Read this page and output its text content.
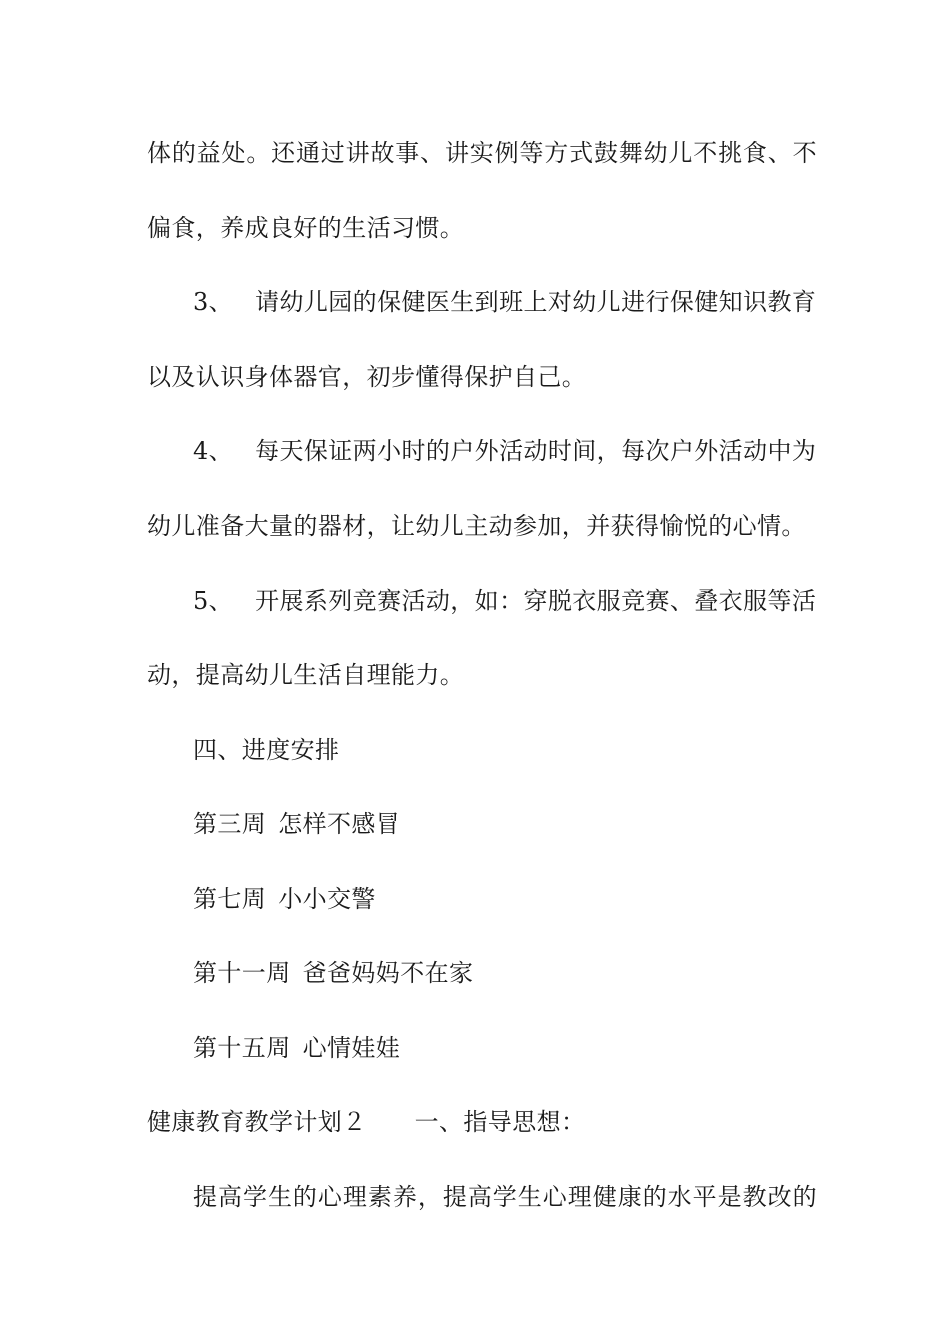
体的益处。还通过讲故事、讲实例等方式鼓舞幼儿不挑食、不
偏食，养成良好的生活习惯。
3、 请幼儿园的保健医生到班上对幼儿进行保健知识教育
以及认识身体器官，初步懂得保护自己。
4、 每天保证两小时的户外活动时间，每次户外活动中为
幼儿准备大量的器材，让幼儿主动参加，并获得愉悦的心情。
5、 开展系列竞赛活动，如：穿脱衣服竞赛、叠衣服等活
动，提高幼儿生活自理能力。
四、进度安排
第三周 怎样不感冒
第七周 小小交警
第十一周 爸爸妈妈不在家
第十五周 心情娃娃
健康教育教学计划２ 一、指导思想：
提高学生的心理素养，提高学生心理健康的水平是教改的
